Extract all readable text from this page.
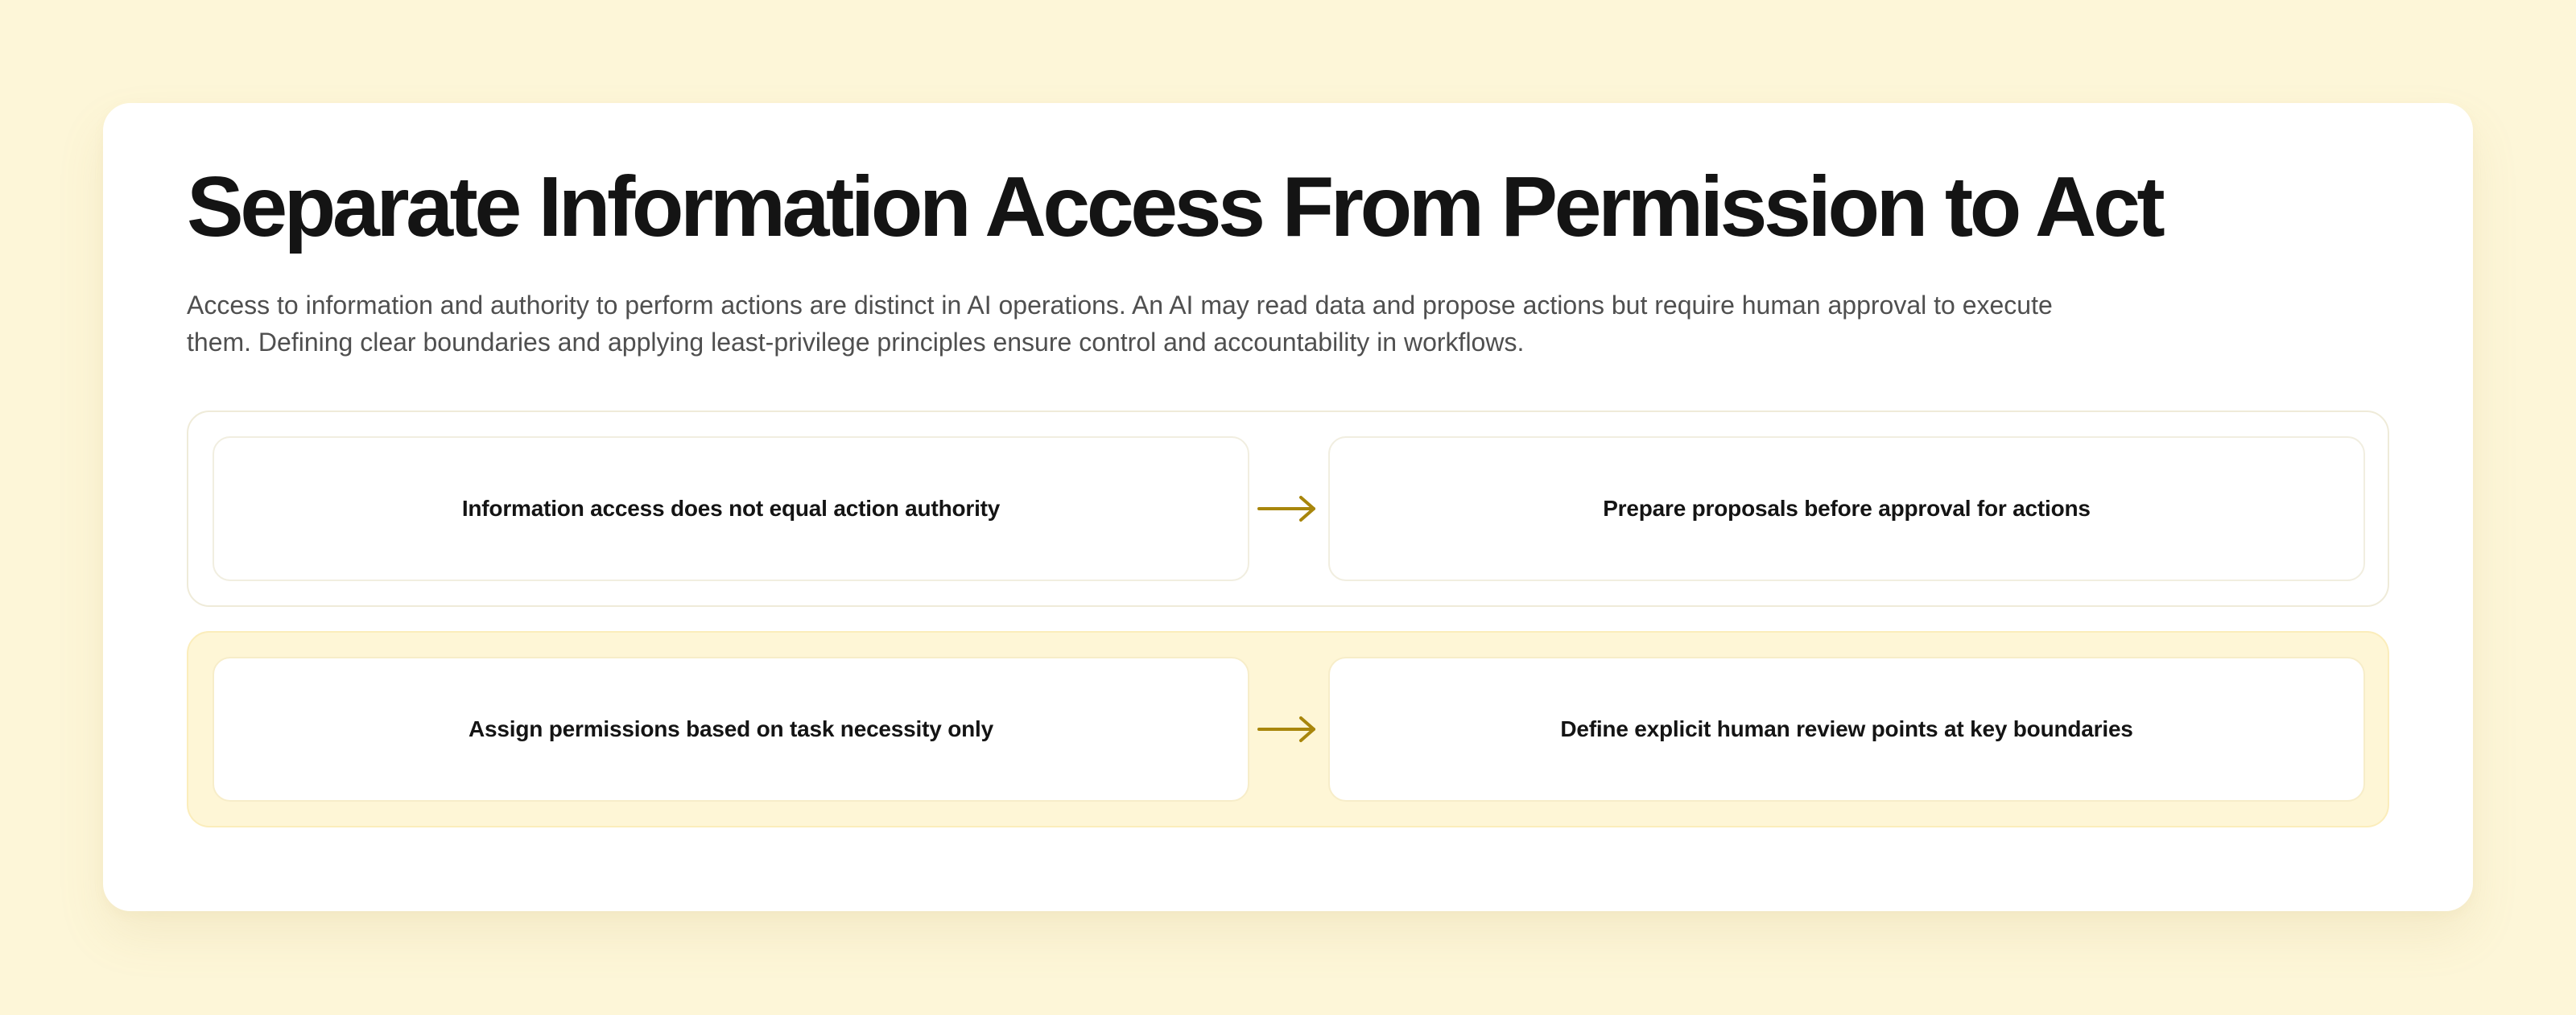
Separate Information Access From Permission to Act

Access to information and authority to perform actions are distinct in AI operations. An AI may read data and propose actions but require human approval to execute them. Defining clear boundaries and applying least-privilege principles ensure control and accountability in workflows.

Information access does not equal action authority	Prepare proposals before approval for actions
Assign permissions based on task necessity only	Define explicit human review points at key boundaries
